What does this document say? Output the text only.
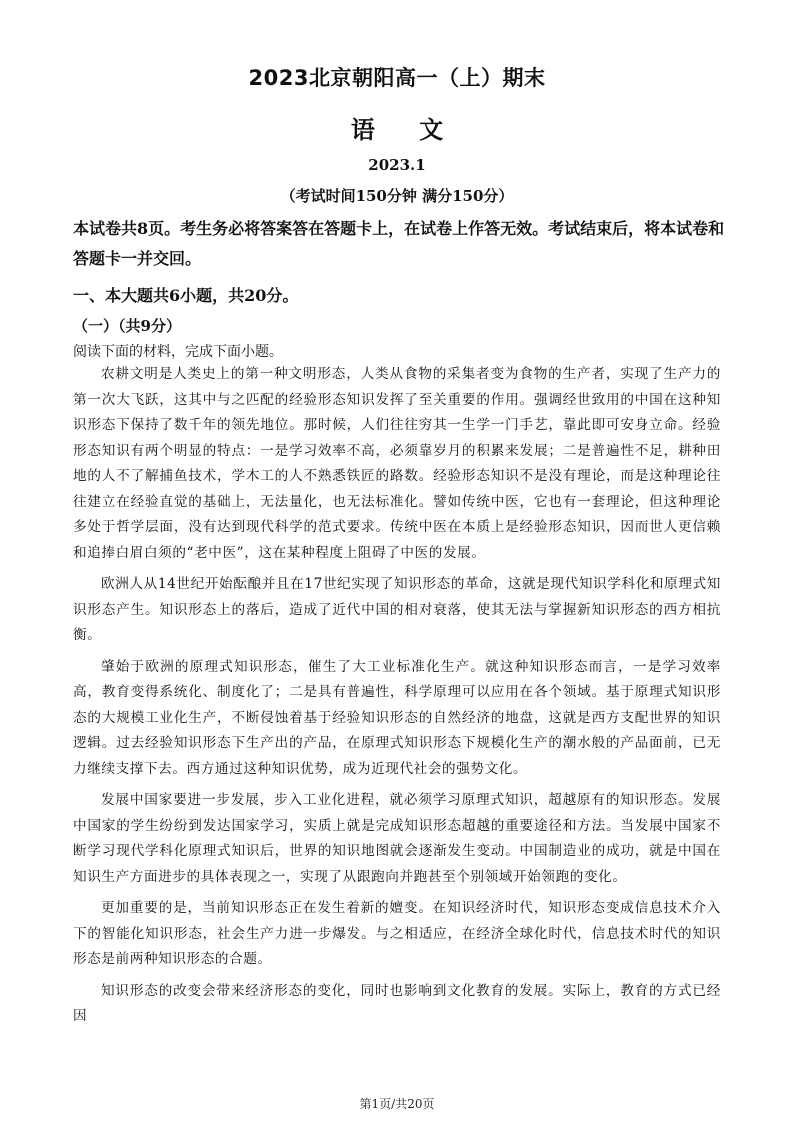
2023北京朝阳高一（上）期末
语 文
2023.1
（考试时间150分钟 满分150分）
本试卷共8页。考生务必将答案答在答题卡上，在试卷上作答无效。考试结束后，将本试卷和答题卡一并交回。
一、本大题共6小题，共20分。
（一）（共9分）
阅读下面的材料，完成下面小题。

农耕文明是人类史上的第一种文明形态，人类从食物的采集者变为食物的生产者，实现了生产力的第一次大飞跃，这其中与之匹配的经验形态知识发挥了至关重要的作用。强调经世致用的中国在这种知识形态下保持了数千年的领先地位。那时候，人们往往穷其一生学一门手艺，靠此即可安身立命。经验形态知识有两个明显的特点：一是学习效率不高，必须靠岁月的积累来发展；二是普遍性不足，耕种田地的人不了解捕鱼技术，学木工的人不熟悉铁匠的路数。经验形态知识不是没有理论，而是这种理论往往建立在经验直觉的基础上，无法量化，也无法标准化。譬如传统中医，它也有一套理论，但这种理论多处于哲学层面，没有达到现代科学的范式要求。传统中医在本质上是经验形态知识，因而世人更信赖和追捧白眉白须的“老中医”，这在某种程度上阻碍了中医的发展。

欧洲人从14世纪开始酝酿并且在17世纪实现了知识形态的革命，这就是现代知识学科化和原理式知识形态产生。知识形态上的落后，造成了近代中国的相对衰落，使其无法与掌握新知识形态的西方相抗衡。

肇始于欧洲的原理式知识形态，催生了大工业标准化生产。就这种知识形态而言，一是学习效率高，教育变得系统化、制度化了；二是具有普遍性，科学原理可以应用在各个领域。基于原理式知识形态的大规模工业化生产，不断侵蚀着基于经验知识形态的自然经济的地盘，这就是西方支配世界的知识逻辑。过去经验知识形态下生产出的产品，在原理式知识形态下规模化生产的潮水般的产品面前，已无力继续支撑下去。西方通过这种知识优势，成为近现代社会的强势文化。

发展中国家要进一步发展，步入工业化进程，就必须学习原理式知识，超越原有的知识形态。发展中国家的学生纷纷到发达国家学习，实质上就是完成知识形态超越的重要途径和方法。当发展中国家不断学习现代学科化原理式知识后，世界的知识地图就会逐渐发生变动。中国制造业的成功，就是中国在知识生产方面进步的具体表现之一，实现了从跟跑向并跑甚至个别领域开始领跑的变化。

更加重要的是，当前知识形态正在发生着新的嬗变。在知识经济时代，知识形态变成信息技术介入下的智能化知识形态，社会生产力进一步爆发。与之相适应，在经济全球化时代，信息技术时代的知识形态是前两种知识形态的合题。

知识形态的改变会带来经济形态的变化，同时也影响到文化教育的发展。实际上，教育的方式已经因

第1页/共20页
